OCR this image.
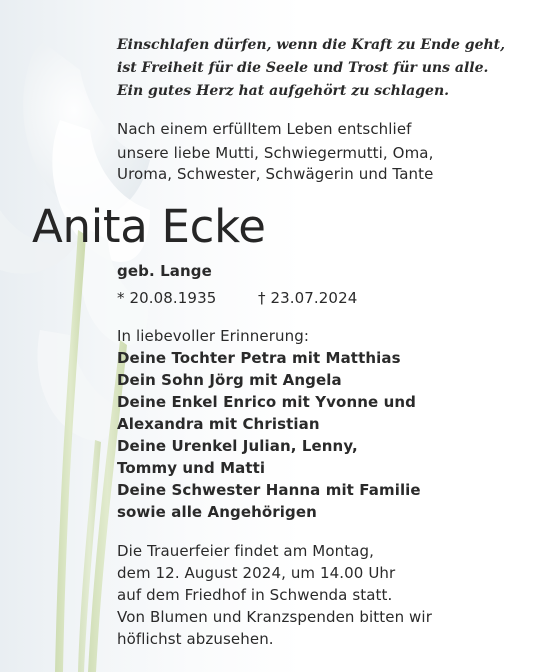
Einschlafen dürfen, wenn die Kraft zu Ende geht,
ist Freiheit für die Seele und Trost für uns alle.
Ein gutes Herz hat aufgehört zu schlagen.
Nach einem erfülltem Leben entschlief
unsere liebe Mutti, Schwiegermutti, Oma,
Uroma, Schwester, Schwägerin und Tante
Anita Ecke
geb. Lange
* 20.08.1935	† 23.07.2024
In liebevoller Erinnerung:
Deine Tochter Petra mit Matthias
Dein Sohn Jörg mit Angela
Deine Enkel Enrico mit Yvonne und
Alexandra mit Christian
Deine Urenkel Julian, Lenny,
Tommy und Matti
Deine Schwester Hanna mit Familie
sowie alle Angehörigen
Die Trauerfeier findet am Montag,
dem 12. August 2024, um 14.00 Uhr
auf dem Friedhof in Schwenda statt.
Von Blumen und Kranzspenden bitten wir
höflichst abzusehen.
